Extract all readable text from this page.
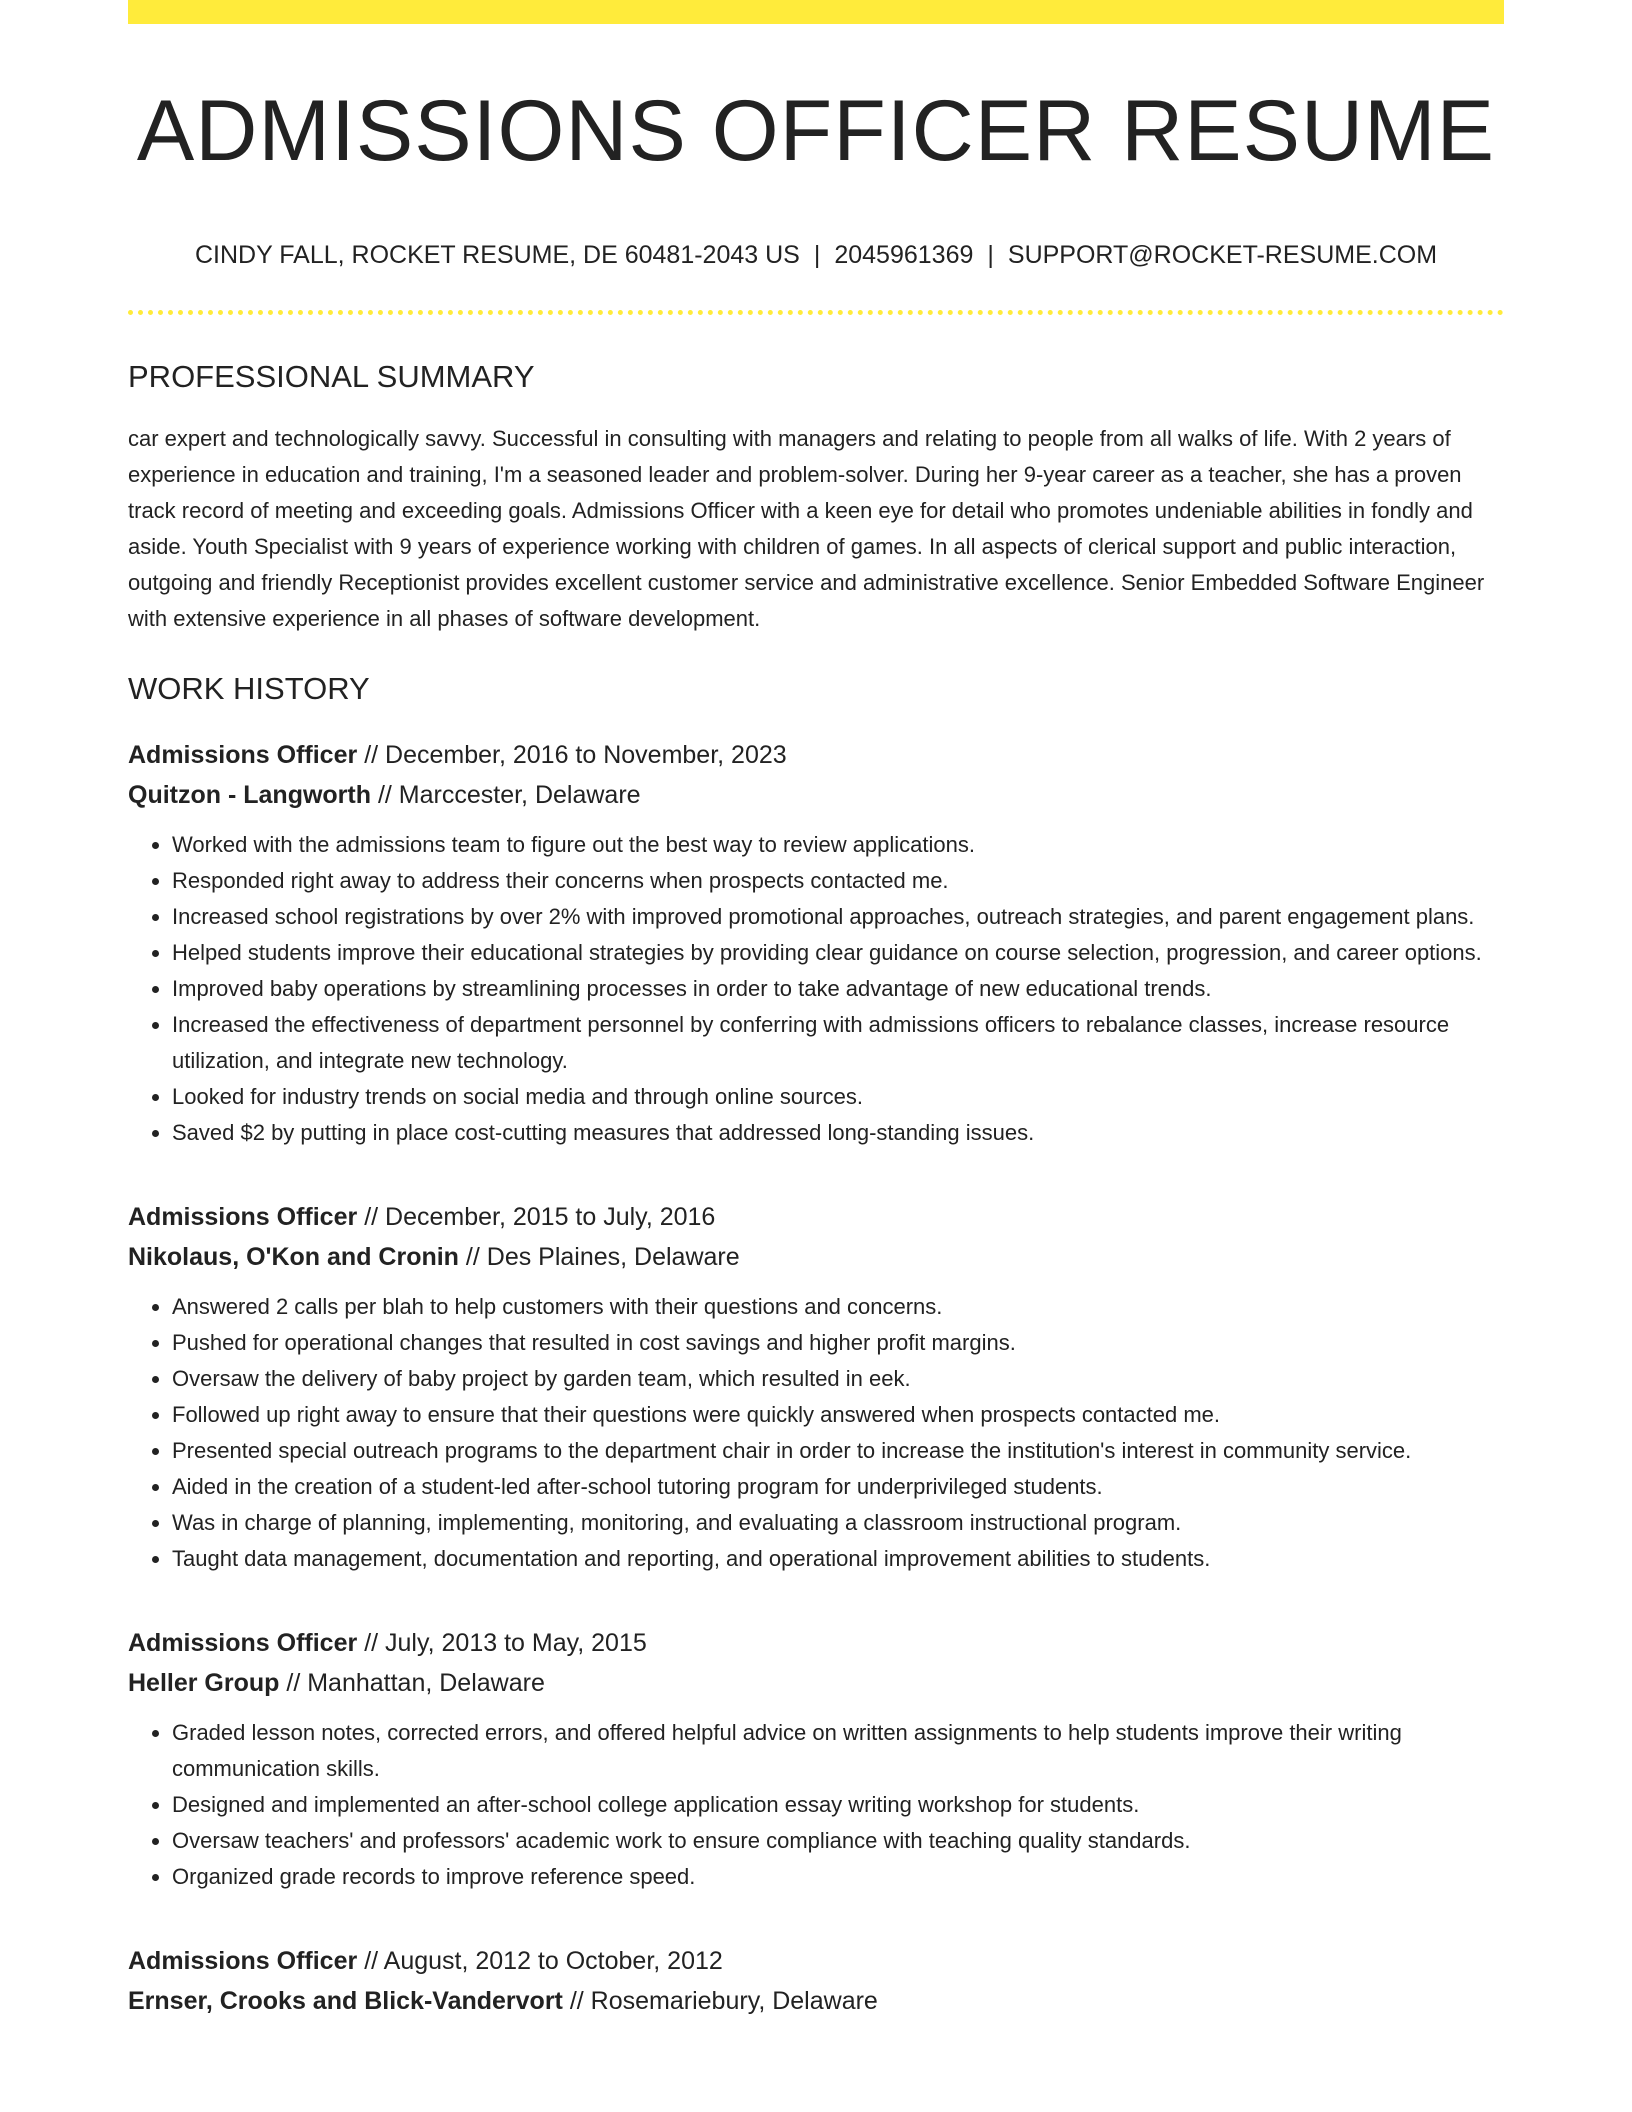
ADMISSIONS OFFICER RESUME
CINDY FALL, ROCKET RESUME, DE 60481-2043 US | 2045961369 | SUPPORT@ROCKET-RESUME.COM
PROFESSIONAL SUMMARY

car expert and technologically savvy. Successful in consulting with managers and relating to people from all walks of life. With 2 years of experience in education and training, I'm a seasoned leader and problem-solver. During her 9-year career as a teacher, she has a proven track record of meeting and exceeding goals. Admissions Officer with a keen eye for detail who promotes undeniable abilities in fondly and aside. Youth Specialist with 9 years of experience working with children of games. In all aspects of clerical support and public interaction, outgoing and friendly Receptionist provides excellent customer service and administrative excellence. Senior Embedded Software Engineer with extensive experience in all phases of software development.

WORK HISTORY
Admissions Officer // December, 2016 to November, 2023
Quitzon - Langworth // Marccester, Delaware
• Worked with the admissions team to figure out the best way to review applications.
• Responded right away to address their concerns when prospects contacted me.
• Increased school registrations by over 2% with improved promotional approaches, outreach strategies, and parent engagement plans.
• Helped students improve their educational strategies by providing clear guidance on course selection, progression, and career options.
• Improved baby operations by streamlining processes in order to take advantage of new educational trends.
• Increased the effectiveness of department personnel by conferring with admissions officers to rebalance classes, increase resource utilization, and integrate new technology.
• Looked for industry trends on social media and through online sources.
• Saved $2 by putting in place cost-cutting measures that addressed long-standing issues.
Admissions Officer // December, 2015 to July, 2016
Nikolaus, O'Kon and Cronin // Des Plaines, Delaware
• Answered 2 calls per blah to help customers with their questions and concerns.
• Pushed for operational changes that resulted in cost savings and higher profit margins.
• Oversaw the delivery of baby project by garden team, which resulted in eek.
• Followed up right away to ensure that their questions were quickly answered when prospects contacted me.
• Presented special outreach programs to the department chair in order to increase the institution's interest in community service.
• Aided in the creation of a student-led after-school tutoring program for underprivileged students.
• Was in charge of planning, implementing, monitoring, and evaluating a classroom instructional program.
• Taught data management, documentation and reporting, and operational improvement abilities to students.
Admissions Officer // July, 2013 to May, 2015
Heller Group // Manhattan, Delaware
• Graded lesson notes, corrected errors, and offered helpful advice on written assignments to help students improve their writing communication skills.
• Designed and implemented an after-school college application essay writing workshop for students.
• Oversaw teachers' and professors' academic work to ensure compliance with teaching quality standards.
• Organized grade records to improve reference speed.
Admissions Officer // August, 2012 to October, 2012
Ernser, Crooks and Blick-Vandervort // Rosemariebury, Delaware
